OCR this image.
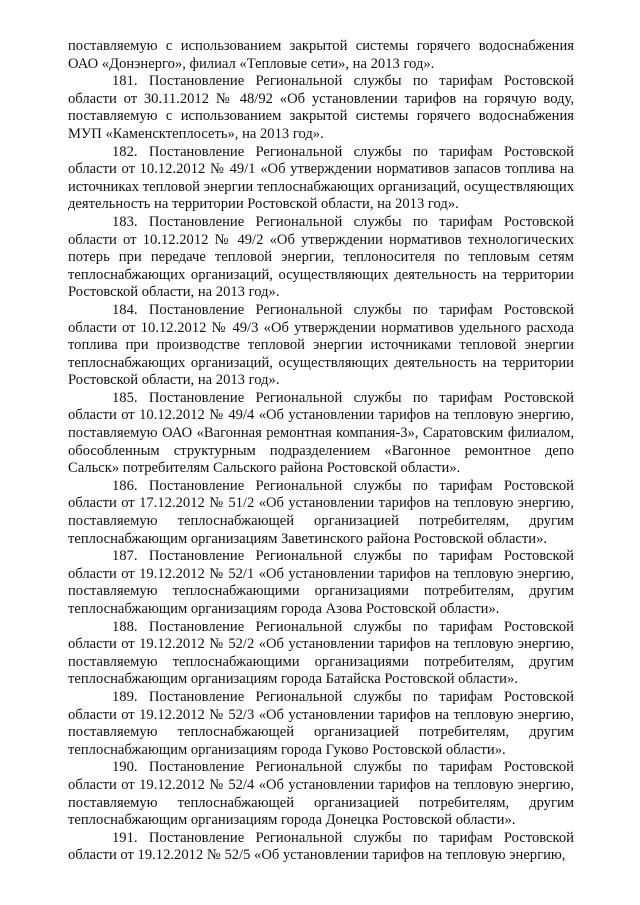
поставляемую с использованием закрытой системы горячего водоснабжения ОАО «Донэнерго», филиал «Тепловые сети», на 2013 год».

181. Постановление Региональной службы по тарифам Ростовской области от 30.11.2012 № 48/92 «Об установлении тарифов на горячую воду, поставляемую с использованием закрытой системы горячего водоснабжения МУП «Каменсктеплосеть», на 2013 год».

182. Постановление Региональной службы по тарифам Ростовской области от 10.12.2012 № 49/1 «Об утверждении нормативов запасов топлива на источниках тепловой энергии теплоснабжающих организаций, осуществляющих деятельность на территории Ростовской области, на 2013 год».

183. Постановление Региональной службы по тарифам Ростовской области от 10.12.2012 № 49/2 «Об утверждении нормативов технологических потерь при передаче тепловой энергии, теплоносителя по тепловым сетям теплоснабжающих организаций, осуществляющих деятельность на территории Ростовской области, на 2013 год».

184. Постановление Региональной службы по тарифам Ростовской области от 10.12.2012 № 49/3 «Об утверждении нормативов удельного расхода топлива при производстве тепловой энергии источниками тепловой энергии теплоснабжающих организаций, осуществляющих деятельность на территории Ростовской области, на 2013 год».

185. Постановление Региональной службы по тарифам Ростовской области от 10.12.2012 № 49/4 «Об установлении тарифов на тепловую энергию, поставляемую ОАО «Вагонная ремонтная компания-3», Саратовским филиалом, обособленным структурным подразделением «Вагонное ремонтное депо Сальск» потребителям Сальского района Ростовской области».

186. Постановление Региональной службы по тарифам Ростовской области от 17.12.2012 № 51/2 «Об установлении тарифов на тепловую энергию, поставляемую теплоснабжающей организацией потребителям, другим теплоснабжающим организациям Заветинского района Ростовской области».

187. Постановление Региональной службы по тарифам Ростовской области от 19.12.2012 № 52/1 «Об установлении тарифов на тепловую энергию, поставляемую теплоснабжающими организациями потребителям, другим теплоснабжающим организациям города Азова Ростовской области».

188. Постановление Региональной службы по тарифам Ростовской области от 19.12.2012 № 52/2 «Об установлении тарифов на тепловую энергию, поставляемую теплоснабжающими организациями потребителям, другим теплоснабжающим организациям города Батайска Ростовской области».

189. Постановление Региональной службы по тарифам Ростовской области от 19.12.2012 № 52/3 «Об установлении тарифов на тепловую энергию, поставляемую теплоснабжающей организацией потребителям, другим теплоснабжающим организациям города Гуково Ростовской области».

190. Постановление Региональной службы по тарифам Ростовской области от 19.12.2012 № 52/4 «Об установлении тарифов на тепловую энергию, поставляемую теплоснабжающей организацией потребителям, другим теплоснабжающим организациям города Донецка Ростовской области».

191. Постановление Региональной службы по тарифам Ростовской области от 19.12.2012 № 52/5 «Об установлении тарифов на тепловую энергию,
